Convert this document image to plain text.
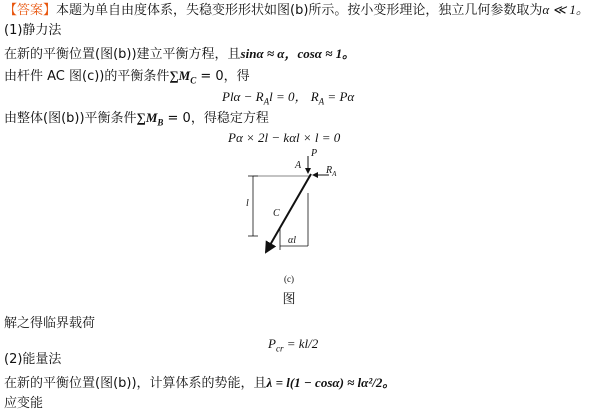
【答案】本题为单自由度体系，失稳变形形状如图(b)所示。按小变形理论，独立几何参数取为α ≪ 1。
(1)静力法
在新的平衡位置(图(b))建立平衡方程，且sinα ≈ α，cosα ≈ 1。
由杆件 AC 图(c))的平衡条件$\sum M_C = 0$，得
$Pl\alpha - R_Al = 0$， $R_A = P\alpha$
由整体(图(b))平衡条件$\sum M_B = 0$，得稳定方程
Pα × 2l − kαl × l = 0
P
A $R_A$
l
C
αl
(c)
图
解之得临界载荷
$P_{cr} = kl/2$
(2)能量法
在新的平衡位置(图(b))，计算体系的势能，且λ = l(1 − cosα) ≈ lα²/2。
应变能
